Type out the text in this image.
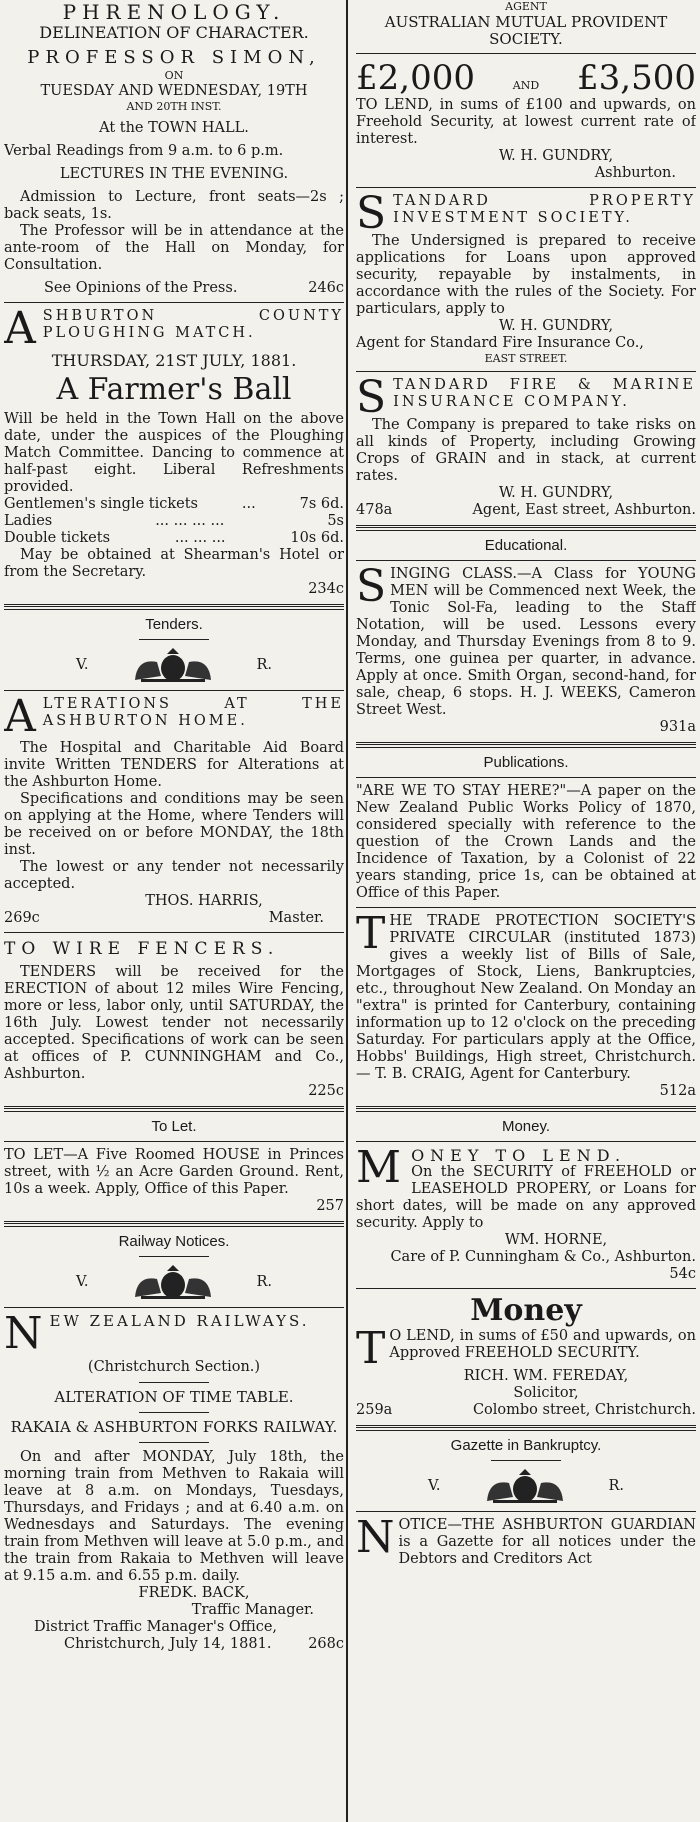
PHRENOLOGY.

DELINEATION OF CHARACTER.

PROFESSOR SIMON,

ON

TUESDAY AND WEDNESDAY, 19TH

AND 20TH INST.

At the TOWN HALL.

Verbal Readings from 9 a.m. to 6 p.m.

LECTURES IN THE EVENING.

Admission to Lecture, front seats—2s ; back seats, 1s.

The Professor will be in attendance at the ante-room of the Hall on Monday, for Consultation.

See Opinions of the Press.	246c

ASHBURTON COUNTY PLOUGHING MATCH.

THURSDAY, 21ST JULY, 1881.

A Farmer's Ball

Will be held in the Town Hall on the above date, under the auspices of the Ploughing Match Committee. Dancing to commence at half-past eight. Liberal Refreshments provided.

Gentlemen's single tickets	...	7s 6d.
Ladies	... ... ... ...	5s
Double tickets	... ... ...	10s 6d.

May be obtained at Shearman's Hotel or from the Secretary.

234c

Tenders.

V.	R.

ALTERATIONS AT THE ASHBURTON HOME.

The Hospital and Charitable Aid Board invite Written TENDERS for Alterations at the Ashburton Home.

Specifications and conditions may be seen on applying at the Home, where Tenders will be received on or before MONDAY, the 18th inst.

The lowest or any tender not necessarily accepted.

THOS. HARRIS,

269c	Master.

TO WIRE FENCERS.

TENDERS will be received for the ERECTION of about 12 miles Wire Fencing, more or less, labor only, until SATURDAY, the 16th July. Lowest tender not necessarily accepted. Specifications of work can be seen at offices of P. CUNNINGHAM and Co., Ashburton.

225c

To Let.

TO LET—A Five Roomed HOUSE in Princes street, with ½ an Acre Garden Ground. Rent, 10s a week. Apply, Office of this Paper.

257

Railway Notices.

V.	R.

NEW ZEALAND RAILWAYS.

(Christchurch Section.)

ALTERATION OF TIME TABLE.

RAKAIA & ASHBURTON FORKS RAILWAY.

On and after MONDAY, July 18th, the morning train from Methven to Rakaia will leave at 8 a.m. on Mondays, Tuesdays, Thursdays, and Fridays ; and at 6.40 a.m. on Wednesdays and Saturdays. The evening train from Methven will leave at 5.0 p.m., and the train from Rakaia to Methven will leave at 9.15 a.m. and 6.55 p.m. daily.

FREDK. BACK,

Traffic Manager.

District Traffic Manager's Office,

Christchurch, July 14, 1881.	268c

AGENT

AUSTRALIAN MUTUAL PROVIDENT SOCIETY.

£2,000	AND £3,500

TO LEND, in sums of £100 and upwards, on Freehold Security, at lowest current rate of interest.

W. H. GUNDRY,

Ashburton.

STANDARD PROPERTY INVESTMENT SOCIETY.

The Undersigned is prepared to receive applications for Loans upon approved security, repayable by instalments, in accordance with the rules of the Society. For particulars, apply to

W. H. GUNDRY,

Agent for Standard Fire Insurance Co.,

EAST STREET.

STANDARD FIRE & MARINE INSURANCE COMPANY.

The Company is prepared to take risks on all kinds of Property, including Growing Crops of GRAIN and in stack, at current rates.

W. H. GUNDRY,

478a	Agent, East street, Ashburton.

Educational.

SINGING CLASS.—A Class for YOUNG MEN will be Commenced next Week, the Tonic Sol-Fa, leading to the Staff Notation, will be used. Lessons every Monday, and Thursday Evenings from 8 to 9. Terms, one guinea per quarter, in advance. Apply at once. Smith Organ, second-hand, for sale, cheap, 6 stops. H. J. WEEKS, Cameron Street West.

931a

Publications.

"ARE WE TO STAY HERE?"—A paper on the New Zealand Public Works Policy of 1870, considered specially with reference to the question of the Crown Lands and the Incidence of Taxation, by a Colonist of 22 years standing, price 1s, can be obtained at Office of this Paper.

THE TRADE PROTECTION SOCIETY'S PRIVATE CIRCULAR (instituted 1873) gives a weekly list of Bills of Sale, Mortgages of Stock, Liens, Bankruptcies, etc., throughout New Zealand. On Monday an "extra" is printed for Canterbury, containing information up to 12 o'clock on the preceding Saturday. For particulars apply at the Office, Hobbs' Buildings, High street, Christchurch.— T. B. CRAIG, Agent for Canterbury.

512a

Money.

MONEY TO LEND.

On the SECURITY of FREEHOLD or LEASEHOLD PROPERY, or Loans for short dates, will be made on any approved security. Apply to

WM. HORNE,

Care of P. Cunningham & Co., Ashburton.

54c

Money

T O LEND, in sums of £50 and upwards, on Approved FREEHOLD SECURITY.

RICH. WM. FEREDAY,

Solicitor,

259a	Colombo street, Christchurch.

Gazette in Bankruptcy.

V.	R.

NOTICE—THE ASHBURTON GUARDIAN is a Gazette for all notices under the Debtors and Creditors Act
